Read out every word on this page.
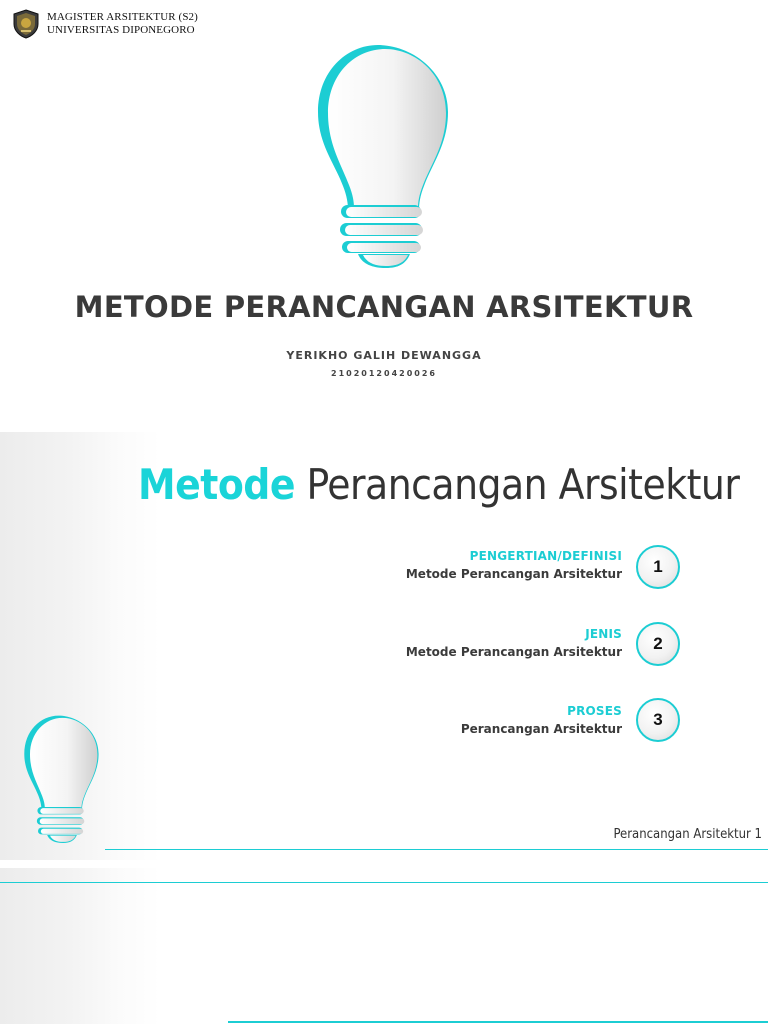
MAGISTER ARSITEKTUR (S2)
UNIVERSITAS DIPONEGORO
METODE PERANCANGAN ARSITEKTUR
YERIKHO GALIH DEWANGGA
21020120420026
Metode Perancangan Arsitektur
PENGERTIAN/DEFINISI
Metode Perancangan Arsitektur	1
JENIS
Metode Perancangan Arsitektur	2
PROSES
Perancangan Arsitektur	3
Perancangan Arsitektur 1
